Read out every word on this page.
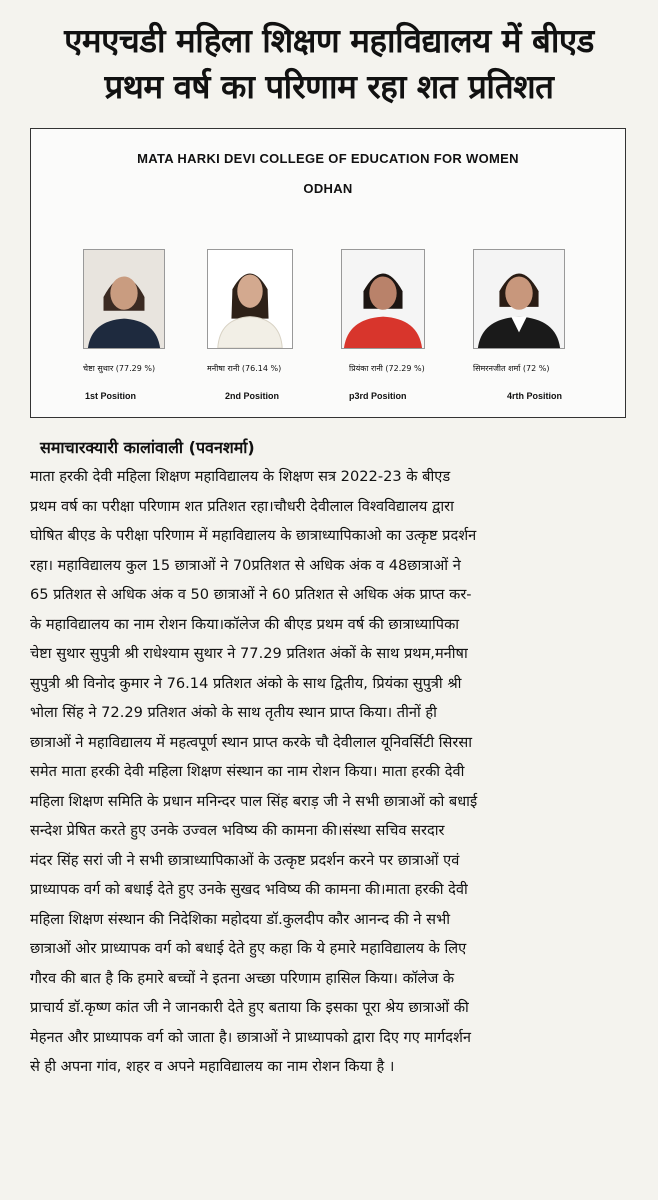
एमएचडी महिला शिक्षण महाविद्यालय में बीएड
प्रथम वर्ष का परिणाम रहा शत प्रतिशत
MATA HARKI DEVI COLLEGE OF EDUCATION FOR WOMEN
ODHAN
चेष्टा सुथार (77.29 %)	मनीषा रानी (76.14 %)	प्रियंका रानी (72.29 %)	सिमरनजीत शर्मा (72 %)
1st Position	2nd Position	p3rd Position	4rth Position
समाचारक्यारी कालांवाली (पवनशर्मा)
माता हरकी देवी महिला शिक्षण महाविद्यालय के शिक्षण सत्र 2022-23 के बीएड
प्रथम वर्ष का परीक्षा परिणाम शत प्रतिशत रहा।चौधरी देवीलाल विश्वविद्यालय द्वारा
घोषित बीएड के परीक्षा परिणाम में महाविद्यालय के छात्राध्यापिकाओ का उत्कृष्ट प्रदर्शन
रहा। महाविद्यालय कुल 15 छात्राओं ने 70प्रतिशत से अधिक अंक व 48छात्राओं ने
65 प्रतिशत से अधिक अंक व 50 छात्राओं ने 60 प्रतिशत से अधिक अंक प्राप्त कर-
के महाविद्यालय का नाम रोशन किया।कॉलेज की बीएड प्रथम वर्ष की छात्राध्यापिका
चेष्टा सुथार सुपुत्री श्री राधेश्याम सुथार ने 77.29 प्रतिशत अंकों के साथ प्रथम,मनीषा
सुपुत्री श्री विनोद कुमार ने 76.14 प्रतिशत अंको के साथ द्वितीय, प्रियंका सुपुत्री श्री
भोला सिंह ने 72.29 प्रतिशत अंको के साथ तृतीय स्थान प्राप्त किया। तीनों ही
छात्राओं ने महाविद्यालय में महत्वपूर्ण स्थान प्राप्त करके चौ देवीलाल यूनिवर्सिटी सिरसा
समेत माता हरकी देवी महिला शिक्षण संस्थान का नाम रोशन किया। माता हरकी देवी
महिला शिक्षण समिति के प्रधान मनिन्दर पाल सिंह बराड़ जी ने सभी छात्राओं को बधाई
सन्देश प्रेषित करते हुए उनके उज्वल भविष्य की कामना की।संस्था सचिव सरदार
मंदर सिंह सरां जी ने सभी छात्राध्यापिकाओं के उत्कृष्ट प्रदर्शन करने पर छात्राओं एवं
प्राध्यापक वर्ग को बधाई देते हुए उनके सुखद भविष्य की कामना की।माता हरकी देवी
महिला शिक्षण संस्थान की निदेशिका महोदया डॉ.कुलदीप कौर आनन्द की ने सभी
छात्राओं ओर प्राध्यापक वर्ग को बधाई देते हुए कहा कि ये हमारे महाविद्यालय के लिए
गौरव की बात है कि हमारे बच्चों ने इतना अच्छा परिणाम हासिल किया। कॉलेज के
प्राचार्य डॉ.कृष्ण कांत जी ने जानकारी देते हुए बताया कि इसका पूरा श्रेय छात्राओं की
मेहनत और प्राध्यापक वर्ग को जाता है। छात्राओं ने प्राध्यापको द्वारा दिए गए मार्गदर्शन
से ही अपना गांव, शहर व अपने महाविद्यालय का नाम रोशन किया है ।
